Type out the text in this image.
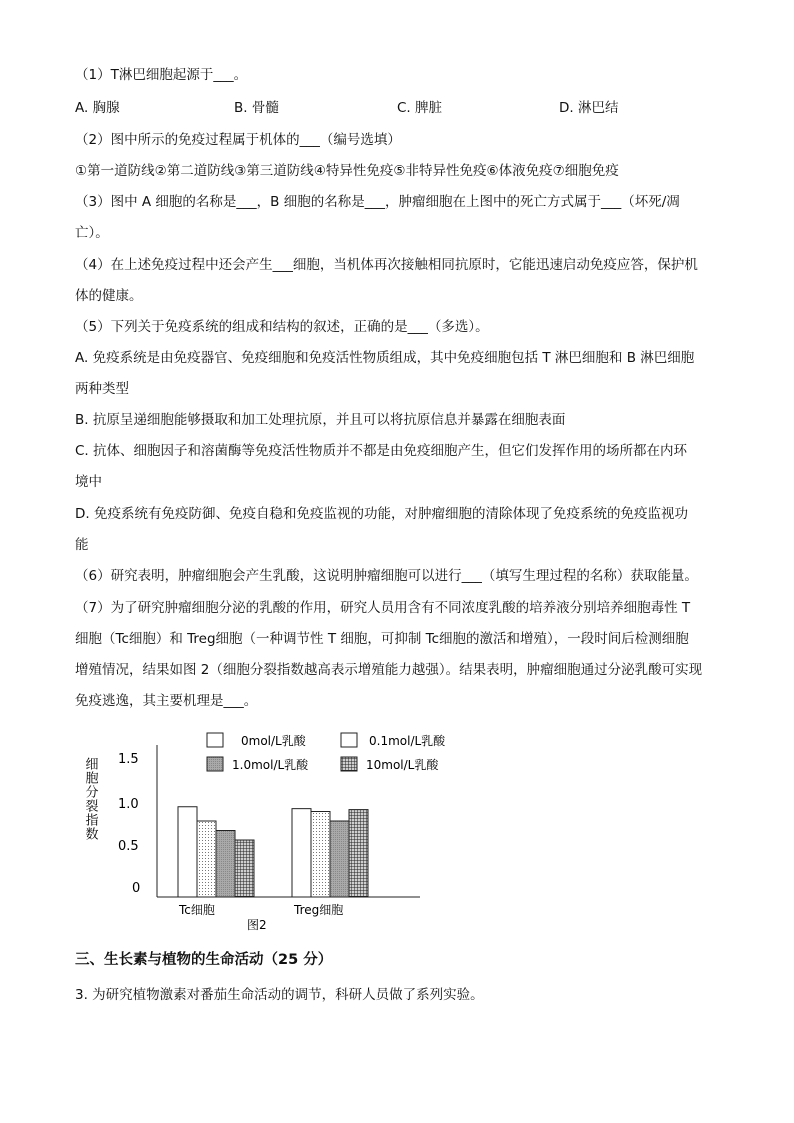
（1）T淋巴细胞起源于___。
A. 胸腺	B. 骨髓	C. 脾脏	D. 淋巴结
（2）图中所示的免疫过程属于机体的___（编号选填）
①第一道防线②第二道防线③第三道防线④特异性免疫⑤非特异性免疫⑥体液免疫⑦细胞免疫
（3）图中 A 细胞的名称是___，B 细胞的名称是___，肿瘤细胞在上图中的死亡方式属于___（坏死/凋
亡）。
（4）在上述免疫过程中还会产生___细胞，当机体再次接触相同抗原时，它能迅速启动免疫应答，保护机
体的健康。
（5）下列关于免疫系统的组成和结构的叙述，正确的是___（多选）。
A. 免疫系统是由免疫器官、免疫细胞和免疫活性物质组成，其中免疫细胞包括 T 淋巴细胞和 B 淋巴细胞
两种类型
B. 抗原呈递细胞能够摄取和加工处理抗原，并且可以将抗原信息并暴露在细胞表面
C. 抗体、细胞因子和溶菌酶等免疫活性物质并不都是由免疫细胞产生，但它们发挥作用的场所都在内环
境中
D. 免疫系统有免疫防御、免疫自稳和免疫监视的功能，对肿瘤细胞的清除体现了免疫系统的免疫监视功
能
（6）研究表明，肿瘤细胞会产生乳酸，这说明肿瘤细胞可以进行___（填写生理过程的名称）获取能量。
（7）为了研究肿瘤细胞分泌的乳酸的作用，研究人员用含有不同浓度乳酸的培养液分别培养细胞毒性 T
细胞（Tc细胞）和 Treg细胞（一种调节性 T 细胞，可抑制 Tc细胞的激活和增殖），一段时间后检测细胞
增殖情况，结果如图 2（细胞分裂指数越高表示增殖能力越强）。结果表明，肿瘤细胞通过分泌乳酸可实现
免疫逃逸，其主要机理是___。
细胞分裂指数 1.5
1.0
0.5
0
Tc细胞	Treg细胞
图2
0mol/L乳酸	0.1mol/L乳酸
1.0mol/L乳酸	10mol/L乳酸
三、生长素与植物的生命活动（25 分）
3. 为研究植物激素对番茄生命活动的调节，科研人员做了系列实验。
